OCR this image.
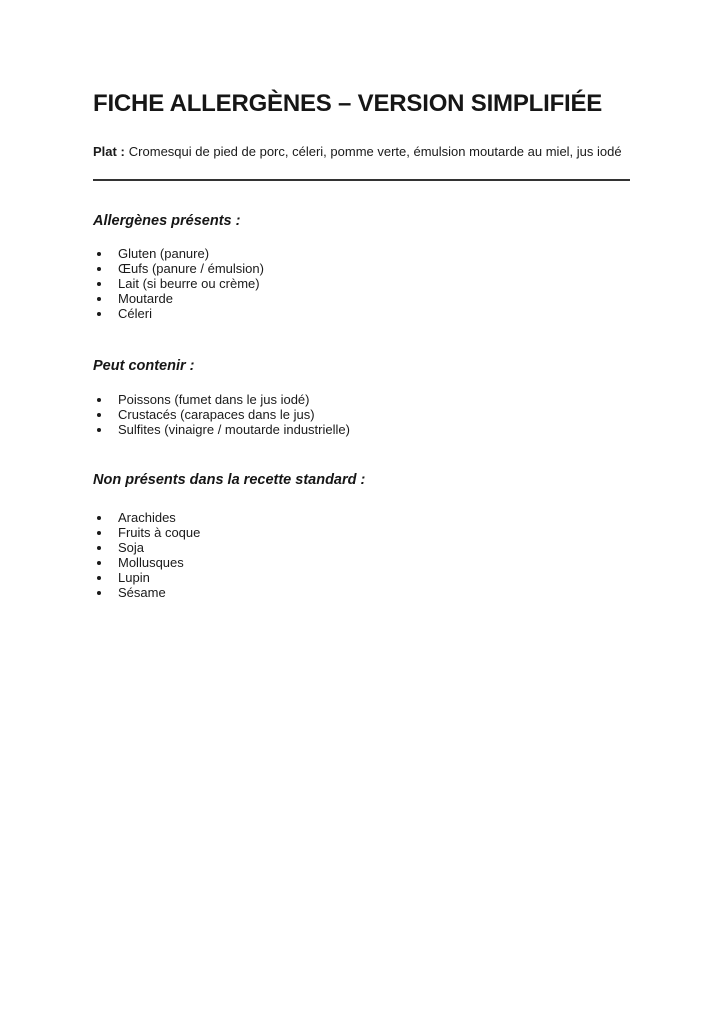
FICHE ALLERGÈNES – VERSION SIMPLIFIÉE

Plat : Cromesqui de pied de porc, céleri, pomme verte, émulsion moutarde au miel, jus iodé

Allergènes présents :
Gluten (panure)
Œufs (panure / émulsion)
Lait (si beurre ou crème)
Moutarde
Céleri
Peut contenir :
Poissons (fumet dans le jus iodé)
Crustacés (carapaces dans le jus)
Sulfites (vinaigre / moutarde industrielle)
Non présents dans la recette standard :
Arachides
Fruits à coque
Soja
Mollusques
Lupin
Sésame
